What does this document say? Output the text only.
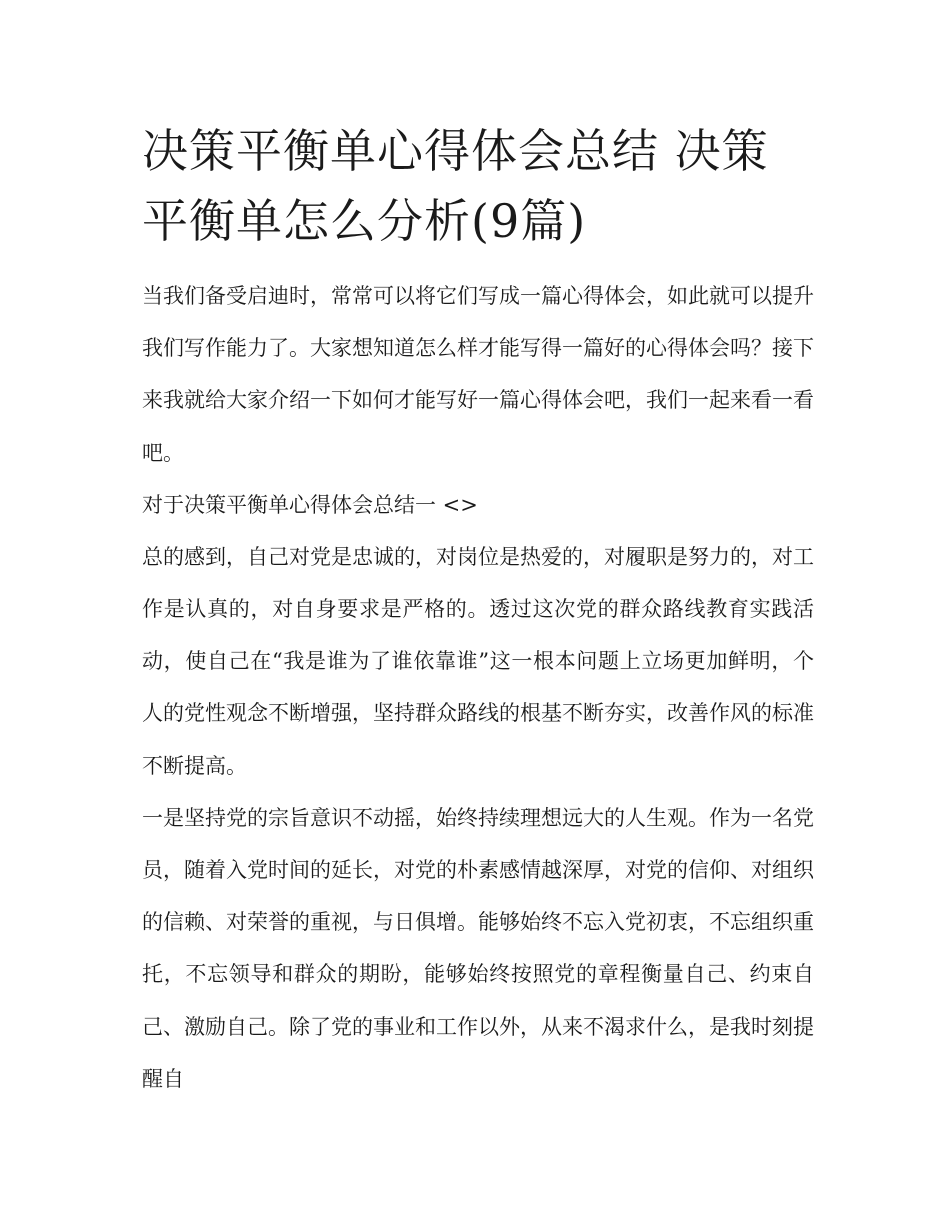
决策平衡单心得体会总结 决策平衡单怎么分析(9篇)

当我们备受启迪时，常常可以将它们写成一篇心得体会，如此就可以提升我们写作能力了。大家想知道怎么样才能写得一篇好的心得体会吗？接下来我就给大家介绍一下如何才能写好一篇心得体会吧，我们一起来看一看吧。

对于决策平衡单心得体会总结一 <>

总的感到，自己对党是忠诚的，对岗位是热爱的，对履职是努力的，对工作是认真的，对自身要求是严格的。透过这次党的群众路线教育实践活动，使自己在“我是谁为了谁依靠谁”这一根本问题上立场更加鲜明，个人的党性观念不断增强，坚持群众路线的根基不断夯实，改善作风的标准不断提高。

一是坚持党的宗旨意识不动摇，始终持续理想远大的人生观。作为一名党员，随着入党时间的延长，对党的朴素感情越深厚，对党的信仰、对组织的信赖、对荣誉的重视，与日俱增。能够始终不忘入党初衷，不忘组织重托，不忘领导和群众的期盼，能够始终按照党的章程衡量自己、约束自己、激励自己。除了党的事业和工作以外，从来不渴求什么，是我时刻提醒自
